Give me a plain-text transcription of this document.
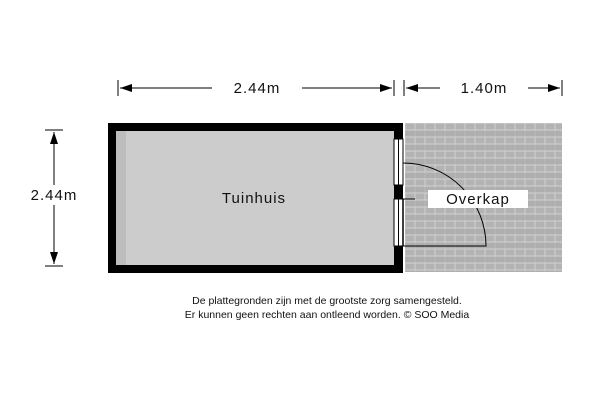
2.44m	1.40m
2.44m	Tuinhuis	Overkap
De plattegronden zijn met de grootste zorg samengesteld.
Er kunnen geen rechten aan ontleend worden. © SOO Media
